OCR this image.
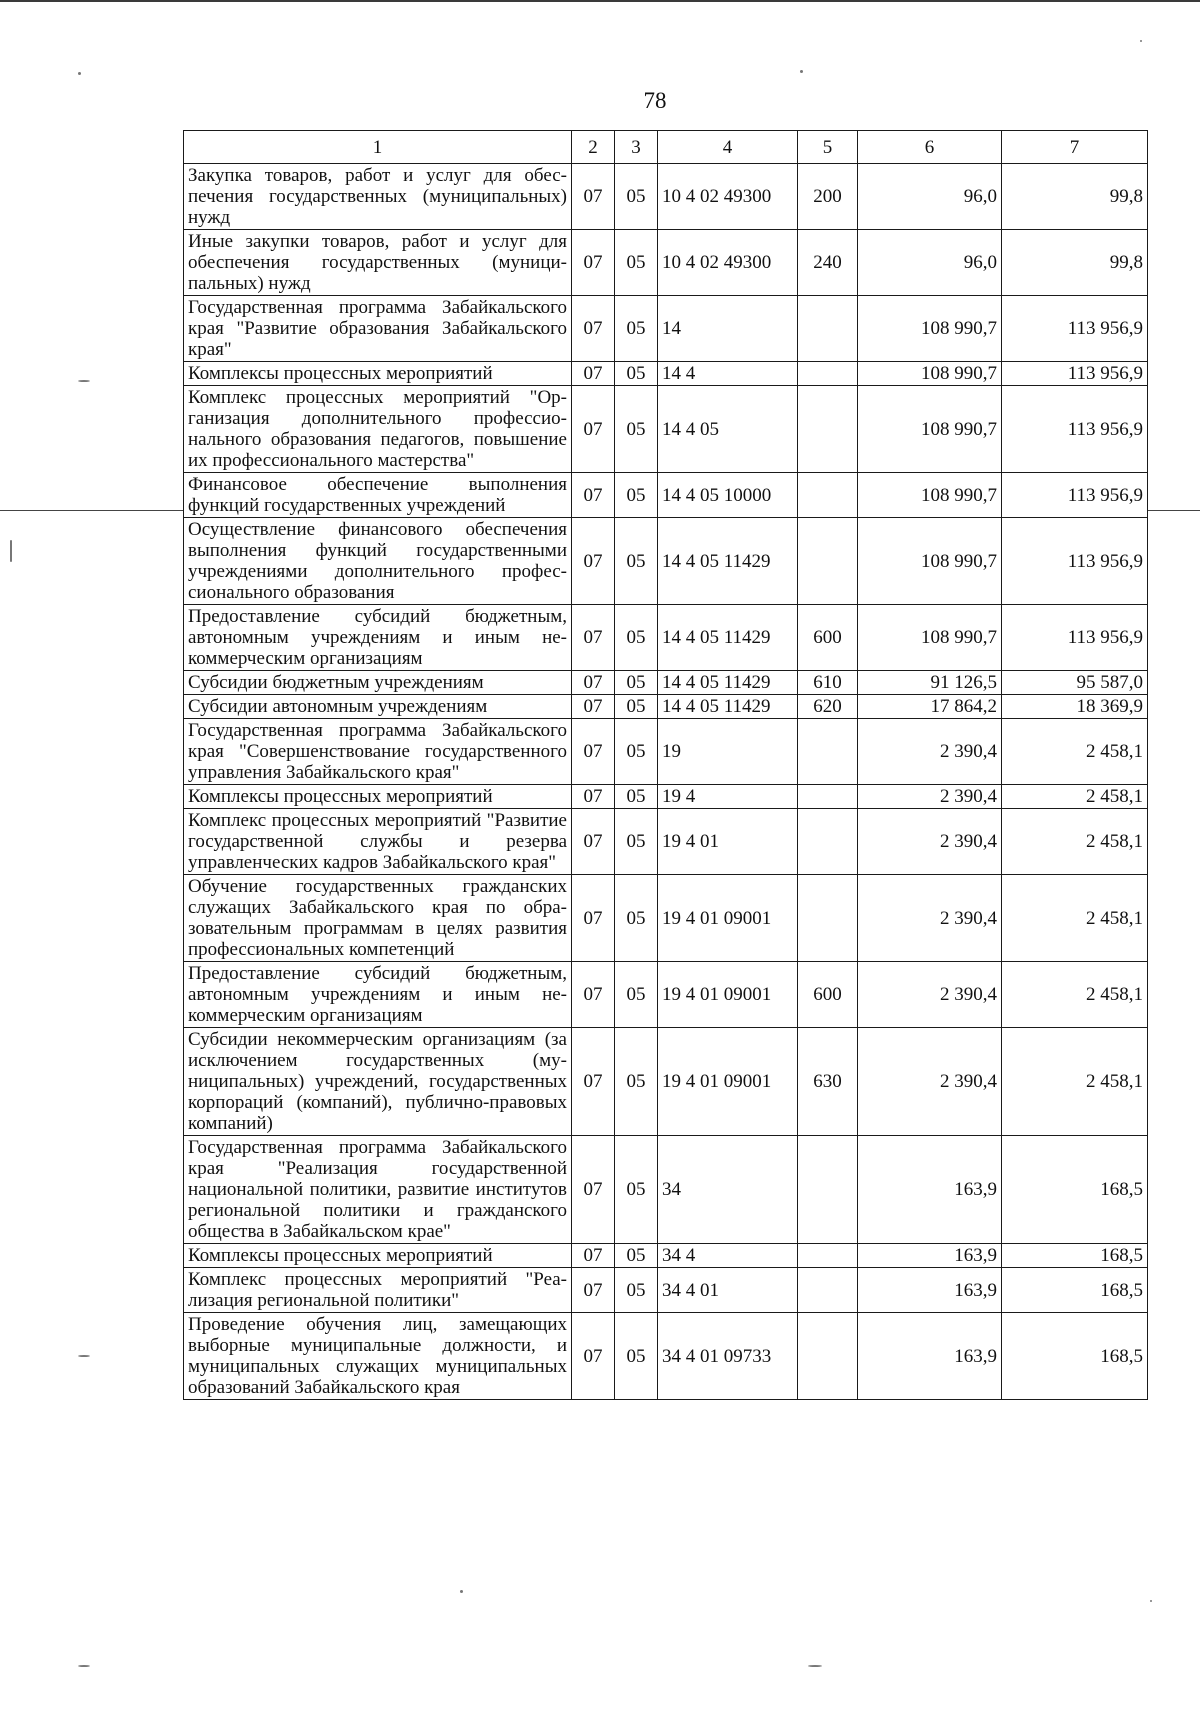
78
1	2	3	4	5	6	7
Закупка товаров, работ и услуг для обеспечения государственных (муниципальных) нужд	07	05	10 4 02 49300	200	96,0	99,8
Иные закупки товаров, работ и услуг для обеспечения государственных (муниципальных) нужд	07	05	10 4 02 49300	240	96,0	99,8
Государственная программа Забайкальского края "Развитие образования Забайкальского края"	07	05	14		108 990,7	113 956,9
Комплексы процессных мероприятий	07	05	14 4		108 990,7	113 956,9
Комплекс процессных мероприятий "Организация дополнительного профессионального образования педагогов, повышение их профессионального мастерства"	07	05	14 4 05		108 990,7	113 956,9
Финансовое обеспечение выполнения функций государственных учреждений	07	05	14 4 05 10000		108 990,7	113 956,9
Осуществление финансового обеспечения выполнения функций государственными учреждениями дополнительного профессионального образования	07	05	14 4 05 11429		108 990,7	113 956,9
Предоставление субсидий бюджетным, автономным учреждениям и иным некоммерческим организациям	07	05	14 4 05 11429	600	108 990,7	113 956,9
Субсидии бюджетным учреждениям	07	05	14 4 05 11429	610	91 126,5	95 587,0
Субсидии автономным учреждениям	07	05	14 4 05 11429	620	17 864,2	18 369,9
Государственная программа Забайкальского края "Совершенствование государственного управления Забайкальского края"	07	05	19		2 390,4	2 458,1
Комплексы процессных мероприятий	07	05	19 4		2 390,4	2 458,1
Комплекс процессных мероприятий "Развитие государственной службы и резерва управленческих кадров Забайкальского края"	07	05	19 4 01		2 390,4	2 458,1
Обучение государственных гражданских служащих Забайкальского края по образовательным программам в целях развития профессиональных компетенций	07	05	19 4 01 09001		2 390,4	2 458,1
Предоставление субсидий бюджетным, автономным учреждениям и иным некоммерческим организациям	07	05	19 4 01 09001	600	2 390,4	2 458,1
Субсидии некоммерческим организациям (за исключением государственных (муниципальных) учреждений, государственных корпораций (компаний), публично-правовых компаний)	07	05	19 4 01 09001	630	2 390,4	2 458,1
Государственная программа Забайкальского края "Реализация государственной национальной политики, развитие институтов региональной политики и гражданского общества в Забайкальском крае"	07	05	34		163,9	168,5
Комплексы процессных мероприятий	07	05	34 4		163,9	168,5
Комплекс процессных мероприятий "Реализация региональной политики"	07	05	34 4 01		163,9	168,5
Проведение обучения лиц, замещающих выборные муниципальные должности, и муниципальных служащих муниципальных образований Забайкальского края	07	05	34 4 01 09733		163,9	168,5
